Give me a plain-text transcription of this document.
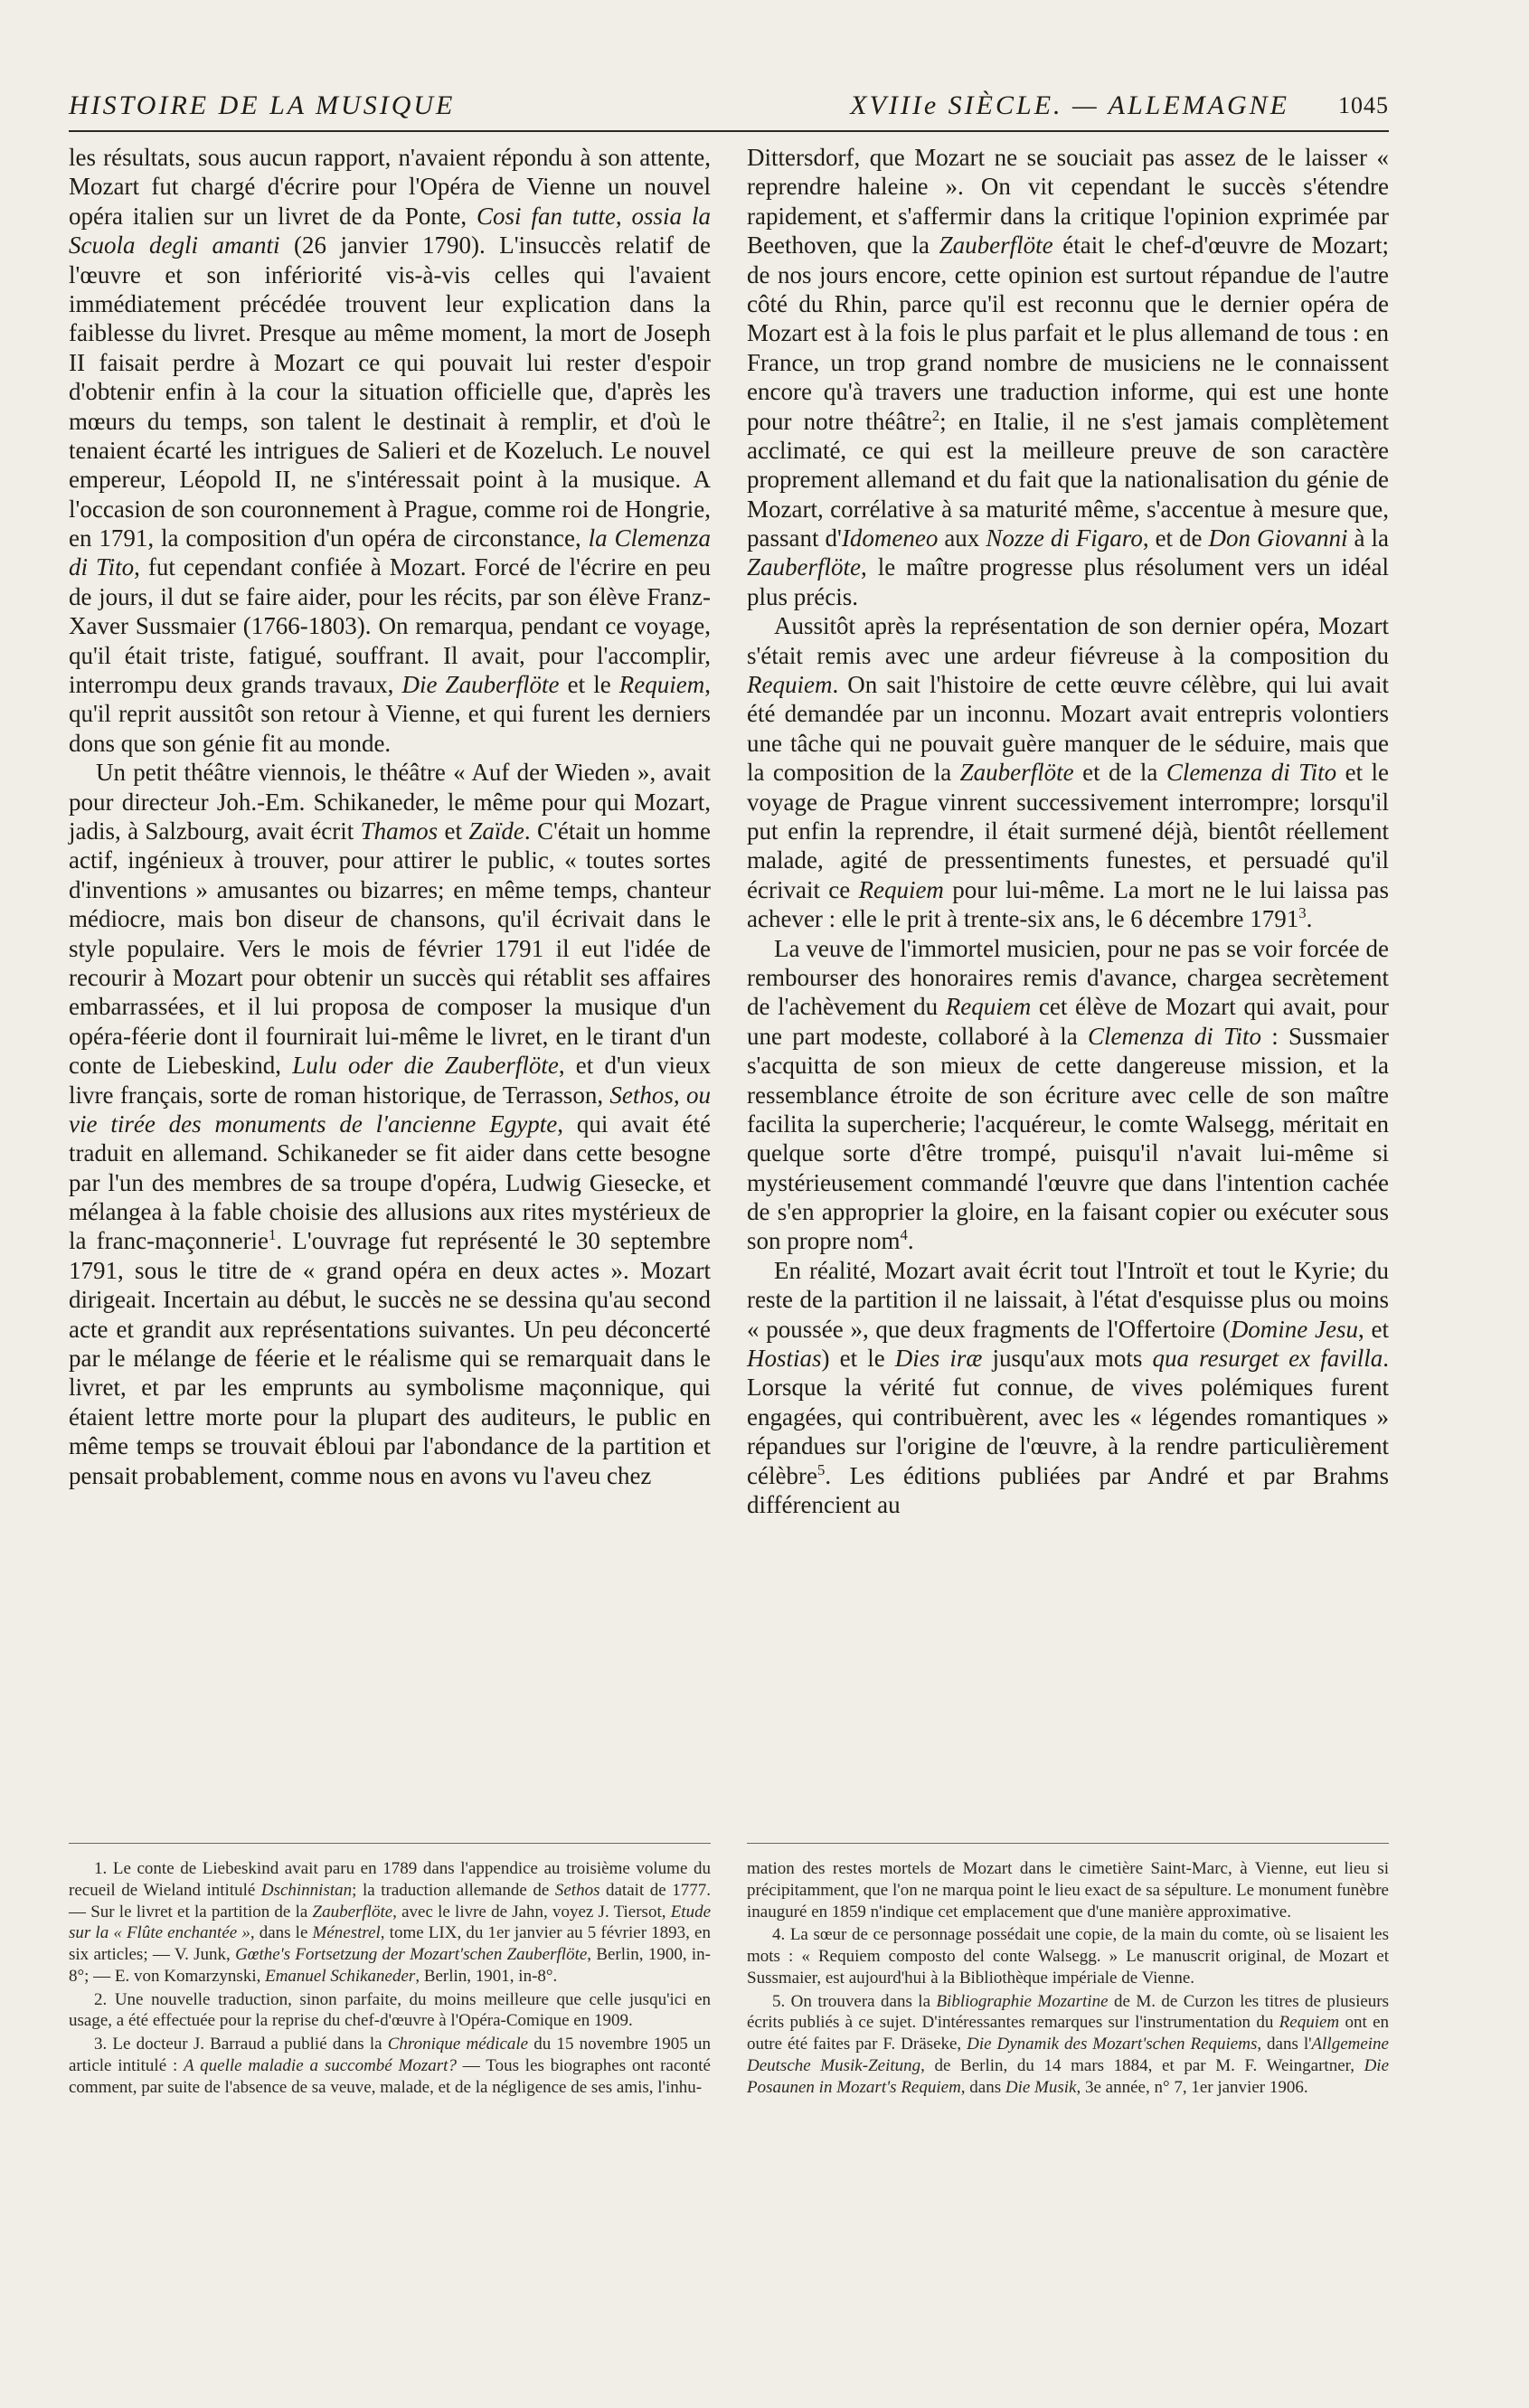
HISTOIRE DE LA MUSIQUE	XVIIIe SIÈCLE. — ALLEMAGNE 1045

les résultats, sous aucun rapport, n'avaient répondu à son attente, Mozart fut chargé d'écrire pour l'Opéra de Vienne un nouvel opéra italien sur un livret de da Ponte, Cosi fan tutte, ossia la Scuola degli amanti (26 janvier 1790). L'insuccès relatif de l'œuvre et son infériorité vis-à-vis celles qui l'avaient immédiatement précédée trouvent leur explication dans la faiblesse du livret. Presque au même moment, la mort de Joseph II faisait perdre à Mozart ce qui pouvait lui rester d'espoir d'obtenir enfin à la cour la situation officielle que, d'après les mœurs du temps, son talent le destinait à remplir, et d'où le tenaient écarté les intrigues de Salieri et de Kozeluch. Le nouvel empereur, Léopold II, ne s'intéressait point à la musique. A l'occasion de son couronnement à Prague, comme roi de Hongrie, en 1791, la composition d'un opéra de circonstance, la Clemenza di Tito, fut cependant confiée à Mozart. Forcé de l'écrire en peu de jours, il dut se faire aider, pour les récits, par son élève Franz-Xaver Sussmaier (1766-1803). On remarqua, pendant ce voyage, qu'il était triste, fatigué, souffrant. Il avait, pour l'accomplir, interrompu deux grands travaux, Die Zauberflöte et le Requiem, qu'il reprit aussitôt son retour à Vienne, et qui furent les derniers dons que son génie fit au monde.

Un petit théâtre viennois, le théâtre « Auf der Wieden », avait pour directeur Joh.-Em. Schikaneder, le même pour qui Mozart, jadis, à Salzbourg, avait écrit Thamos et Zaïde. C'était un homme actif, ingénieux à trouver, pour attirer le public, « toutes sortes d'inventions » amusantes ou bizarres; en même temps, chanteur médiocre, mais bon diseur de chansons, qu'il écrivait dans le style populaire. Vers le mois de février 1791 il eut l'idée de recourir à Mozart pour obtenir un succès qui rétablit ses affaires embarrassées, et il lui proposa de composer la musique d'un opéra-féerie dont il fournirait lui-même le livret, en le tirant d'un conte de Liebeskind, Lulu oder die Zauberflöte, et d'un vieux livre français, sorte de roman historique, de Terrasson, Sethos, ou vie tirée des monuments de l'ancienne Egypte, qui avait été traduit en allemand. Schikaneder se fit aider dans cette besogne par l'un des membres de sa troupe d'opéra, Ludwig Giesecke, et mélangea à la fable choisie des allusions aux rites mystérieux de la franc-maçonnerie$^1$. L'ouvrage fut représenté le 30 septembre 1791, sous le titre de « grand opéra en deux actes ». Mozart dirigeait. Incertain au début, le succès ne se dessina qu'au second acte et grandit aux représentations suivantes. Un peu déconcerté par le mélange de féerie et le réalisme qui se remarquait dans le livret, et par les emprunts au symbolisme maçonnique, qui étaient lettre morte pour la plupart des auditeurs, le public en même temps se trouvait ébloui par l'abondance de la partition et pensait probablement, comme nous en avons vu l'aveu chez

Dittersdorf, que Mozart ne se souciait pas assez de le laisser « reprendre haleine ». On vit cependant le succès s'étendre rapidement, et s'affermir dans la critique l'opinion exprimée par Beethoven, que la Zauberflöte était le chef-d'œuvre de Mozart; de nos jours encore, cette opinion est surtout répandue de l'autre côté du Rhin, parce qu'il est reconnu que le dernier opéra de Mozart est à la fois le plus parfait et le plus allemand de tous : en France, un trop grand nombre de musiciens ne le connaissent encore qu'à travers une traduction informe, qui est une honte pour notre théâtre$^2$; en Italie, il ne s'est jamais complètement acclimaté, ce qui est la meilleure preuve de son caractère proprement allemand et du fait que la nationalisation du génie de Mozart, corrélative à sa maturité même, s'accentue à mesure que, passant d'Idomeneo aux Nozze di Figaro, et de Don Giovanni à la Zauberflöte, le maître progresse plus résolument vers un idéal plus précis.

Aussitôt après la représentation de son dernier opéra, Mozart s'était remis avec une ardeur fiévreuse à la composition du Requiem. On sait l'histoire de cette œuvre célèbre, qui lui avait été demandée par un inconnu. Mozart avait entrepris volontiers une tâche qui ne pouvait guère manquer de le séduire, mais que la composition de la Zauberflöte et de la Clemenza di Tito et le voyage de Prague vinrent successivement interrompre; lorsqu'il put enfin la reprendre, il était surmené déjà, bientôt réellement malade, agité de pressentiments funestes, et persuadé qu'il écrivait ce Requiem pour lui-même. La mort ne le lui laissa pas achever : elle le prit à trente-six ans, le 6 décembre 1791$^3$.

La veuve de l'immortel musicien, pour ne pas se voir forcée de rembourser des honoraires remis d'avance, chargea secrètement de l'achèvement du Requiem cet élève de Mozart qui avait, pour une part modeste, collaboré à la Clemenza di Tito : Sussmaier s'acquitta de son mieux de cette dangereuse mission, et la ressemblance étroite de son écriture avec celle de son maître facilita la supercherie; l'acquéreur, le comte Walsegg, méritait en quelque sorte d'être trompé, puisqu'il n'avait lui-même si mystérieusement commandé l'œuvre que dans l'intention cachée de s'en approprier la gloire, en la faisant copier ou exécuter sous son propre nom$^4$.

En réalité, Mozart avait écrit tout l'Introït et tout le Kyrie; du reste de la partition il ne laissait, à l'état d'esquisse plus ou moins « poussée », que deux fragments de l'Offertoire (Domine Jesu, et Hostias) et le Dies iræ jusqu'aux mots qua resurget ex favilla. Lorsque la vérité fut connue, de vives polémiques furent engagées, qui contribuèrent, avec les « légendes romantiques » répandues sur l'origine de l'œuvre, à la rendre particulièrement célèbre$^5$. Les éditions publiées par André et par Brahms différencient au

1. Le conte de Liebeskind avait paru en 1789 dans l'appendice au troisième volume du recueil de Wieland intitulé Dschinnistan; la traduction allemande de Sethos datait de 1777. — Sur le livret et la partition de la Zauberflöte, avec le livre de Jahn, voyez J. Tiersot, Etude sur la « Flûte enchantée », dans le Ménestrel, tome LIX, du 1er janvier au 5 février 1893, en six articles; — V. Junk, Gœthe's Fortsetzung der Mozart'schen Zauberflöte, Berlin, 1900, in-8°; — E. von Komarzynski, Emanuel Schikaneder, Berlin, 1901, in-8°.

2. Une nouvelle traduction, sinon parfaite, du moins meilleure que celle jusqu'ici en usage, a été effectuée pour la reprise du chef-d'œuvre à l'Opéra-Comique en 1909.

3. Le docteur J. Barraud a publié dans la Chronique médicale du 15 novembre 1905 un article intitulé : A quelle maladie a succombé Mozart? — Tous les biographes ont raconté comment, par suite de l'absence de sa veuve, malade, et de la négligence de ses amis, l'inhu-

mation des restes mortels de Mozart dans le cimetière Saint-Marc, à Vienne, eut lieu si précipitamment, que l'on ne marqua point le lieu exact de sa sépulture. Le monument funèbre inauguré en 1859 n'indique cet emplacement que d'une manière approximative.

4. La sœur de ce personnage possédait une copie, de la main du comte, où se lisaient les mots : « Requiem composto del conte Walsegg. » Le manuscrit original, de Mozart et Sussmaier, est aujourd'hui à la Bibliothèque impériale de Vienne.

5. On trouvera dans la Bibliographie Mozartine de M. de Curzon les titres de plusieurs écrits publiés à ce sujet. D'intéressantes remarques sur l'instrumentation du Requiem ont en outre été faites par F. Dräseke, Die Dynamik des Mozart'schen Requiems, dans l'Allgemeine Deutsche Musik-Zeitung, de Berlin, du 14 mars 1884, et par M. F. Weingartner, Die Posaunen in Mozart's Requiem, dans Die Musik, 3e année, n° 7, 1er janvier 1906.
